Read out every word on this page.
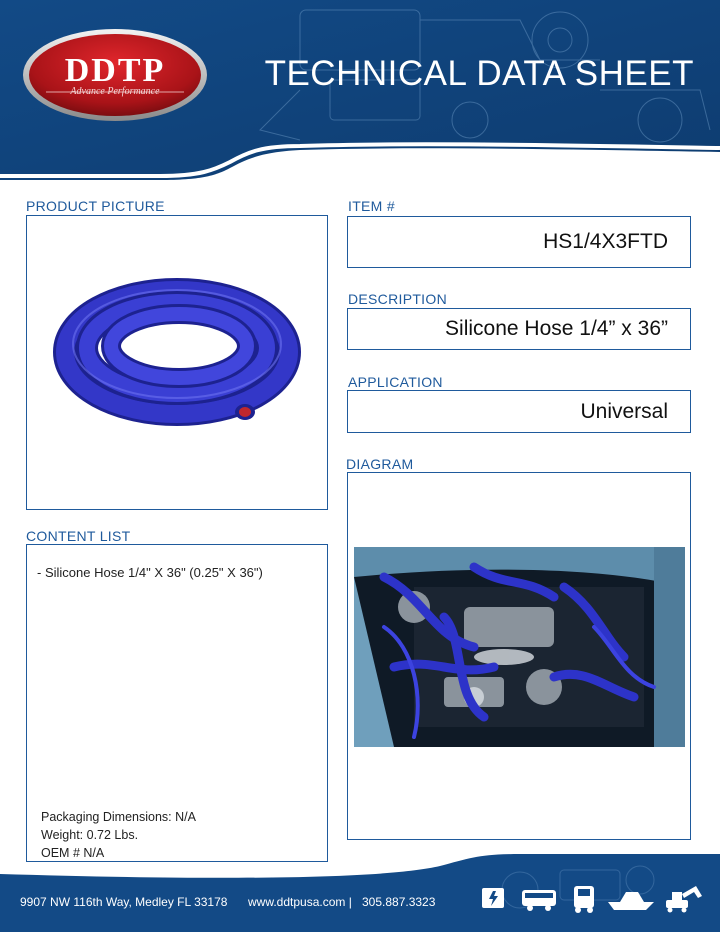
DDTP
Advance Performance	TECHNICAL DATA SHEET
PRODUCT PICTURE	ITEM #
HS1/4X3FTD
DESCRIPTION
Silicone Hose 1/4” x 36”
APPLICATION
Universal
DIAGRAM
CONTENT LIST
- Silicone Hose 1/4" X 36" (0.25" X 36")
Packaging Dimensions: N/A
Weight: 0.72 Lbs.
OEM # N/A
9907 NW 116th Way, Medley FL 33178 www.ddtpusa.com | 305.887.3323
